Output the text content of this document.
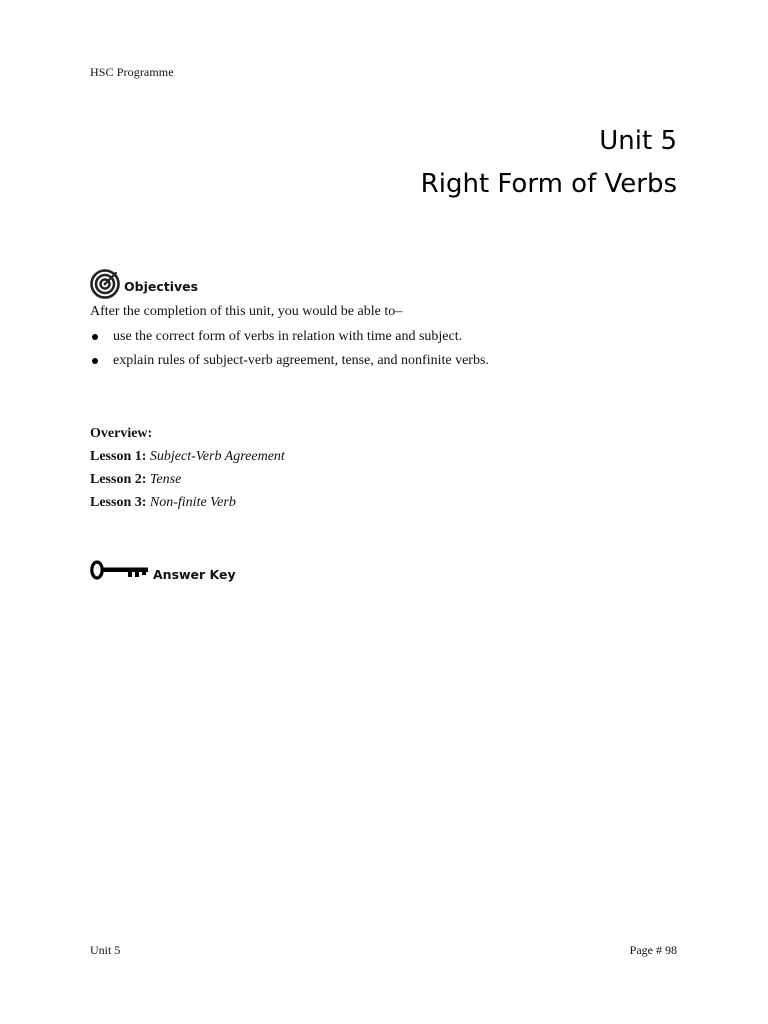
HSC Programme
Unit 5
Right Form of Verbs
Objectives
After the completion of this unit, you would be able to–
use the correct form of verbs in relation with time and subject.
explain rules of subject-verb agreement, tense, and nonfinite verbs.
Overview:
Lesson 1: Subject-Verb Agreement
Lesson 2: Tense
Lesson 3: Non-finite Verb
Answer Key
Unit 5	Page # 98
